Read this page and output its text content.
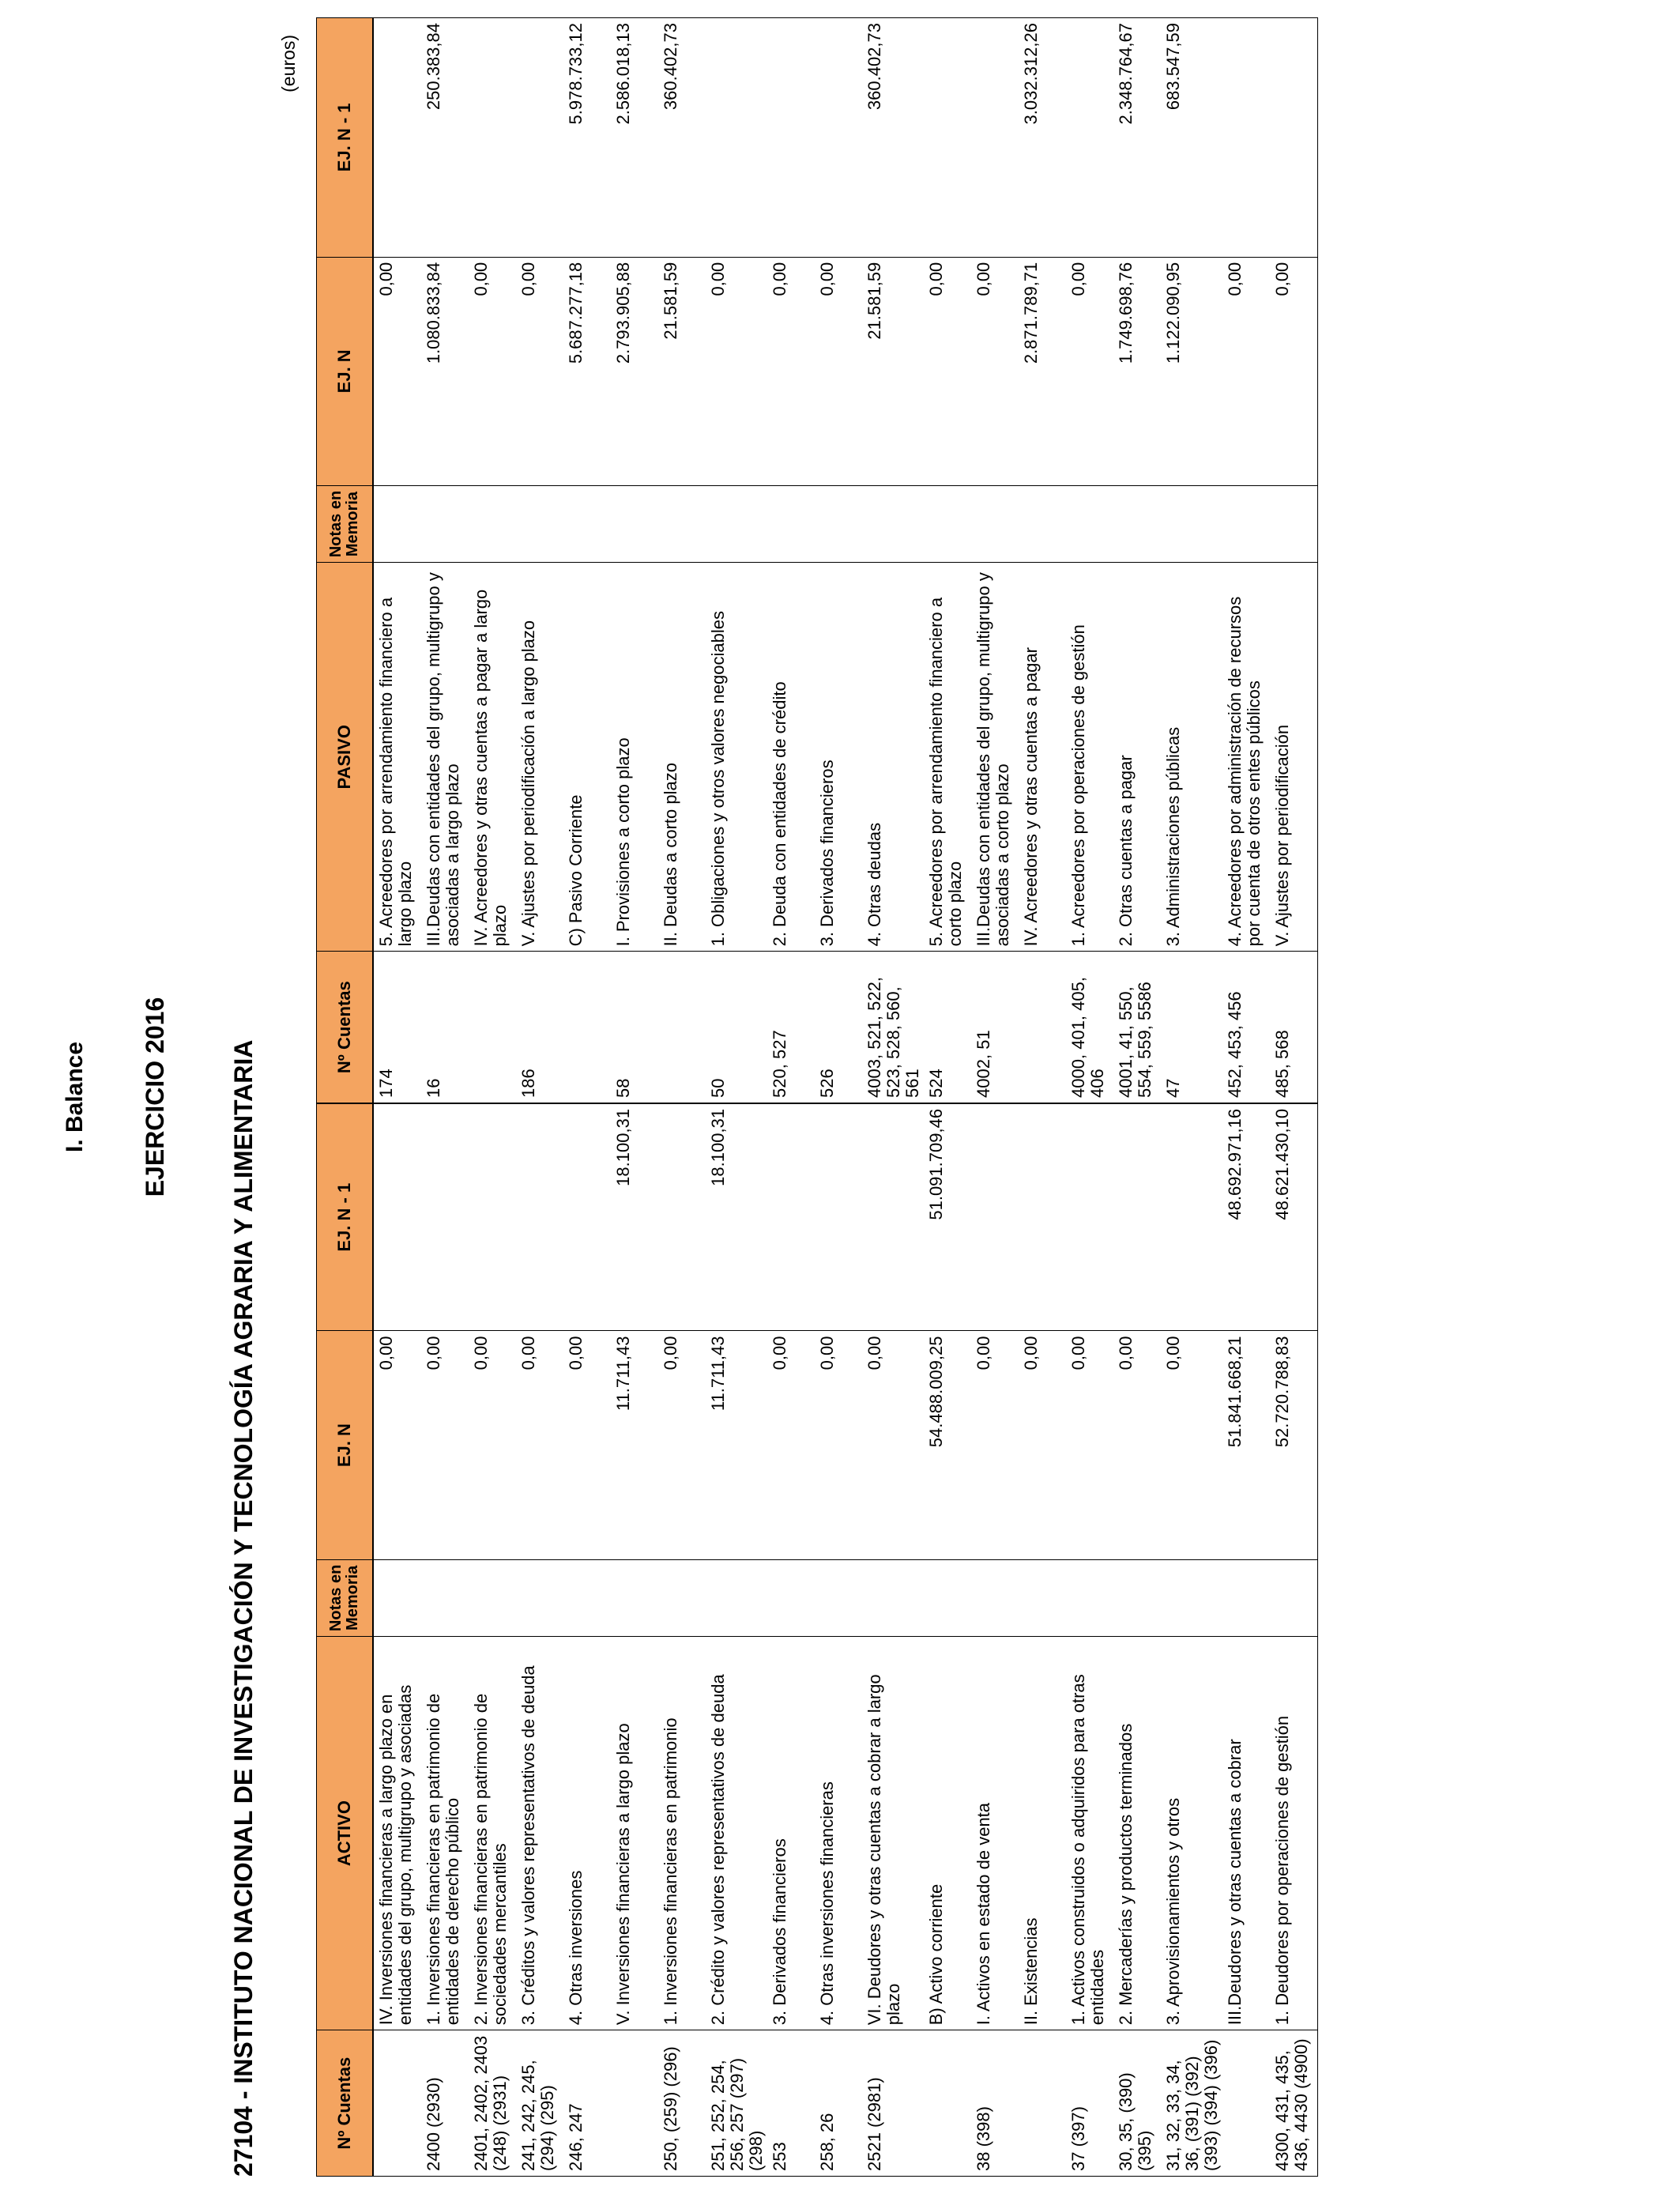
I. Balance EJERCICIO 2016 27104 - INSTITUTO NACIONAL DE INVESTIGACIÓN Y TECNOLOGÍA AGRARIA Y ALIMENTARIA
(euros)
Nº Cuentas	ACTIVO	Notas en Memoria	EJ. N	EJ. N - 1	Nº Cuentas	PASIVO	Notas en Memoria	EJ. N	EJ. N - 1
	IV. Inversiones financieras a largo plazo en entidades del grupo, multigrupo y asociadas		0,00		174	5. Acreedores por arrendamiento financiero a largo plazo		0,00	
2400 (2930)	1. Inversiones financieras en patrimonio de entidades de derecho público		0,00		16	III.Deudas con entidades del grupo, multigrupo y asociadas a largo plazo		1.080.833,84	250.383,84
2401, 2402, 2403 (248) (2931)	2. Inversiones financieras en patrimonio de sociedades mercantiles		0,00			IV. Acreedores y otras cuentas a pagar a largo plazo		0,00	
241, 242, 245, (294) (295)	3. Créditos y valores representativos de deuda		0,00		186	V. Ajustes por periodificación a largo plazo		0,00	
246, 247	4. Otras inversiones		0,00			C) Pasivo Corriente		5.687.277,18	5.978.733,12
	V. Inversiones financieras a largo plazo		11.711,43	18.100,31	58	I. Provisiones a corto plazo		2.793.905,88	2.586.018,13
250, (259) (296)	1. Inversiones financieras en patrimonio		0,00			II. Deudas a corto plazo		21.581,59	360.402,73
251, 252, 254, 256, 257 (297) (298)	2. Crédito y valores representativos de deuda		11.711,43	18.100,31	50	1. Obligaciones y otros valores negociables		0,00	
253	3. Derivados financieros		0,00		520, 527	2. Deuda con entidades de crédito		0,00	
258, 26	4. Otras inversiones financieras		0,00		526	3. Derivados financieros		0,00	
2521 (2981)	VI. Deudores y otras cuentas a cobrar a largo plazo		0,00		4003, 521, 522, 523, 528, 560, 561	4. Otras deudas		21.581,59	360.402,73
	B) Activo corriente		54.488.009,25	51.091.709,46	524	5. Acreedores por arrendamiento financiero a corto plazo		0,00	
38 (398)	I. Activos en estado de venta		0,00		4002, 51	III.Deudas con entidades del grupo, multigrupo y asociadas a corto plazo		0,00	
	II. Existencias		0,00			IV. Acreedores y otras cuentas a pagar		2.871.789,71	3.032.312,26
37 (397)	1. Activos construidos o adquiridos para otras entidades		0,00		4000, 401, 405, 406	1. Acreedores por operaciones de gestión		0,00	
30, 35, (390) (395)	2. Mercaderías y productos terminados		0,00		4001, 41, 550, 554, 559, 5586	2. Otras cuentas a pagar		1.749.698,76	2.348.764,67
31, 32, 33, 34, 36, (391) (392) (393) (394) (396)	3. Aprovisionamientos y otros		0,00		47	3. Administraciones públicas		1.122.090,95	683.547,59
	III.Deudores y otras cuentas a cobrar		51.841.668,21	48.692.971,16	452, 453, 456	4. Acreedores por administración de recursos por cuenta de otros entes públicos		0,00	
4300, 431, 435, 436, 4430 (4900)	1. Deudores por operaciones de gestión		52.720.788,83	48.621.430,10	485, 568	V. Ajustes por periodificación		0,00	
